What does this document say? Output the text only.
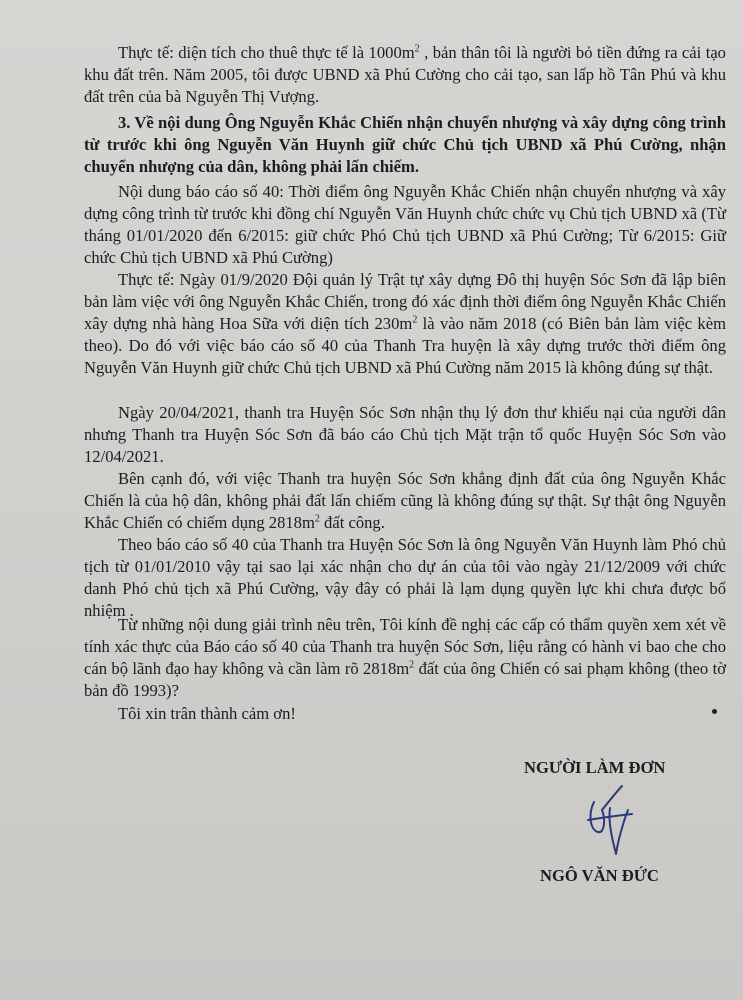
Thực tế: diện tích cho thuê thực tế là $1000m^2$ , bản thân tôi là người bỏ tiền đứng ra cải tạo khu đất trên. Năm 2005, tôi được UBND xã Phú Cường cho cải tạo, san lấp hồ Tân Phú và khu đất trên của bà Nguyễn Thị Vượng.
3. Về nội dung Ông Nguyễn Khắc Chiến nhận chuyển nhượng và xây dựng công trình từ trước khi ông Nguyễn Văn Huynh giữ chức Chủ tịch UBND xã Phú Cường, nhận chuyển nhượng của dân, không phải lấn chiếm.
Nội dung báo cáo số 40: Thời điểm ông Nguyễn Khắc Chiến nhận chuyển nhượng và xây dựng công trình từ trước khi đồng chí Nguyễn Văn Huynh chức chức vụ Chủ tịch UBND xã (Từ tháng 01/01/2020 đến 6/2015: giữ chức Phó Chủ tịch UBND xã Phú Cường; Từ 6/2015: Giữ chức Chủ tịch UBND xã Phú Cường)
Thực tế: Ngày 01/9/2020 Đội quản lý Trật tự xây dựng Đô thị huyện Sóc Sơn đã lập biên bản làm việc với ông Nguyễn Khắc Chiến, trong đó xác định thời điểm ông Nguyễn Khắc Chiến xây dựng nhà hàng Hoa Sữa với diện tích $230m^2$ là vào năm 2018 (có Biên bản làm việc kèm theo). Do đó với việc báo cáo số 40 của Thanh Tra huyện là xây dựng trước thời điểm ông Nguyễn Văn Huynh giữ chức Chủ tịch UBND xã Phú Cường năm 2015 là không đúng sự thật.
Ngày 20/04/2021, thanh tra Huyện Sóc Sơn nhận thụ lý đơn thư khiếu nại của người dân nhưng Thanh tra Huyện Sóc Sơn đã báo cáo Chủ tịch Mặt trận tổ quốc Huyện Sóc Sơn vào 12/04/2021.
Bên cạnh đó, với việc Thanh tra huyện Sóc Sơn khẳng định đất của ông Nguyễn Khắc Chiến là của hộ dân, không phải đất lấn chiếm cũng là không đúng sự thật. Sự thật ông Nguyễn Khắc Chiến có chiếm dụng $2818m^2$ đất công.
Theo báo cáo số 40 của Thanh tra Huyện Sóc Sơn là ông Nguyễn Văn Huynh làm Phó chủ tịch từ 01/01/2010 vậy tại sao lại xác nhận cho dự án của tôi vào ngày 21/12/2009 với chức danh Phó chủ tịch xã Phú Cường, vậy đây có phải là lạm dụng quyền lực khi chưa được bổ nhiệm .
Từ những nội dung giải trình nêu trên, Tôi kính đề nghị các cấp có thẩm quyền xem xét về tính xác thực của Báo cáo số 40 của Thanh tra huyện Sóc Sơn, liệu rằng có hành vi bao che cho cán bộ lãnh đạo hay không và cần làm rõ $2818m^2$ đất của ông Chiến có sai phạm không (theo tờ bản đồ 1993)?
Tôi xin trân thành cảm ơn!
NGƯỜI LÀM ĐƠN
NGÔ VĂN ĐỨC
